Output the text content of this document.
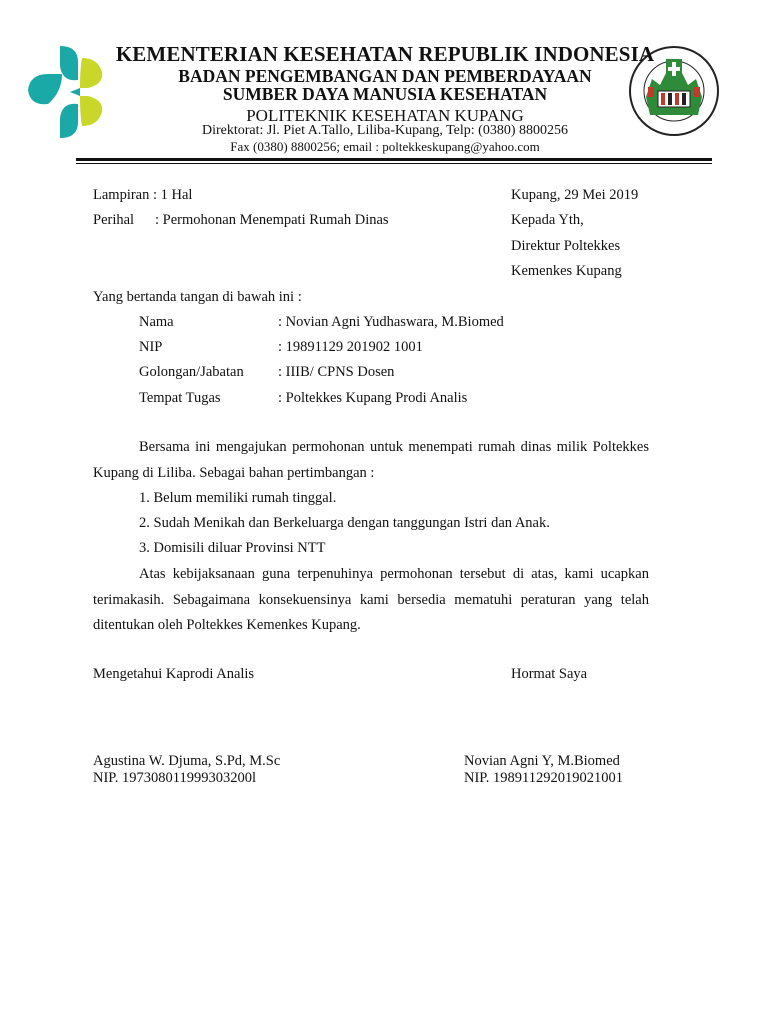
KEMENTERIAN KESEHATAN REPUBLIK INDONESIA
BADAN PENGEMBANGAN DAN PEMBERDAYAAN
SUMBER DAYA MANUSIA KESEHATAN
POLITEKNIK KESEHATAN KUPANG
Direktorat: Jl. Piet A.Tallo, Liliba-Kupang, Telp: (0380) 8800256
Fax (0380) 8800256; email : poltekkeskupang@yahoo.com
Lampiran : 1 Hal
Perihal : Permohonan Menempati Rumah Dinas
Kupang, 29 Mei 2019
Kepada Yth,
Direktur Poltekkes
Kemenkes Kupang
Yang bertanda tangan di bawah ini :
Nama	: Novian Agni Yudhaswara, M.Biomed
NIP	: 19891129 201902 1001
Golongan/Jabatan : IIIB/ CPNS Dosen
Tempat Tugas	: Poltekkes Kupang Prodi Analis
Bersama ini mengajukan permohonan untuk menempati rumah dinas milik Poltekkes Kupang di Liliba. Sebagai bahan pertimbangan :
1. Belum memiliki rumah tinggal.
2. Sudah Menikah dan Berkeluarga dengan tanggungan Istri dan Anak.
3. Domisili diluar Provinsi NTT
Atas kebijaksanaan guna terpenuhinya permohonan tersebut di atas, kami ucapkan terimakasih. Sebagaimana konsekuensinya kami bersedia mematuhi peraturan yang telah ditentukan oleh Poltekkes Kemenkes Kupang.
Mengetahui Kaprodi Analis	Hormat Saya
Agustina W. Djuma, S.Pd, M.Sc
NIP. 197308011999303200l
Novian Agni Y, M.Biomed
NIP. 198911292019021001
